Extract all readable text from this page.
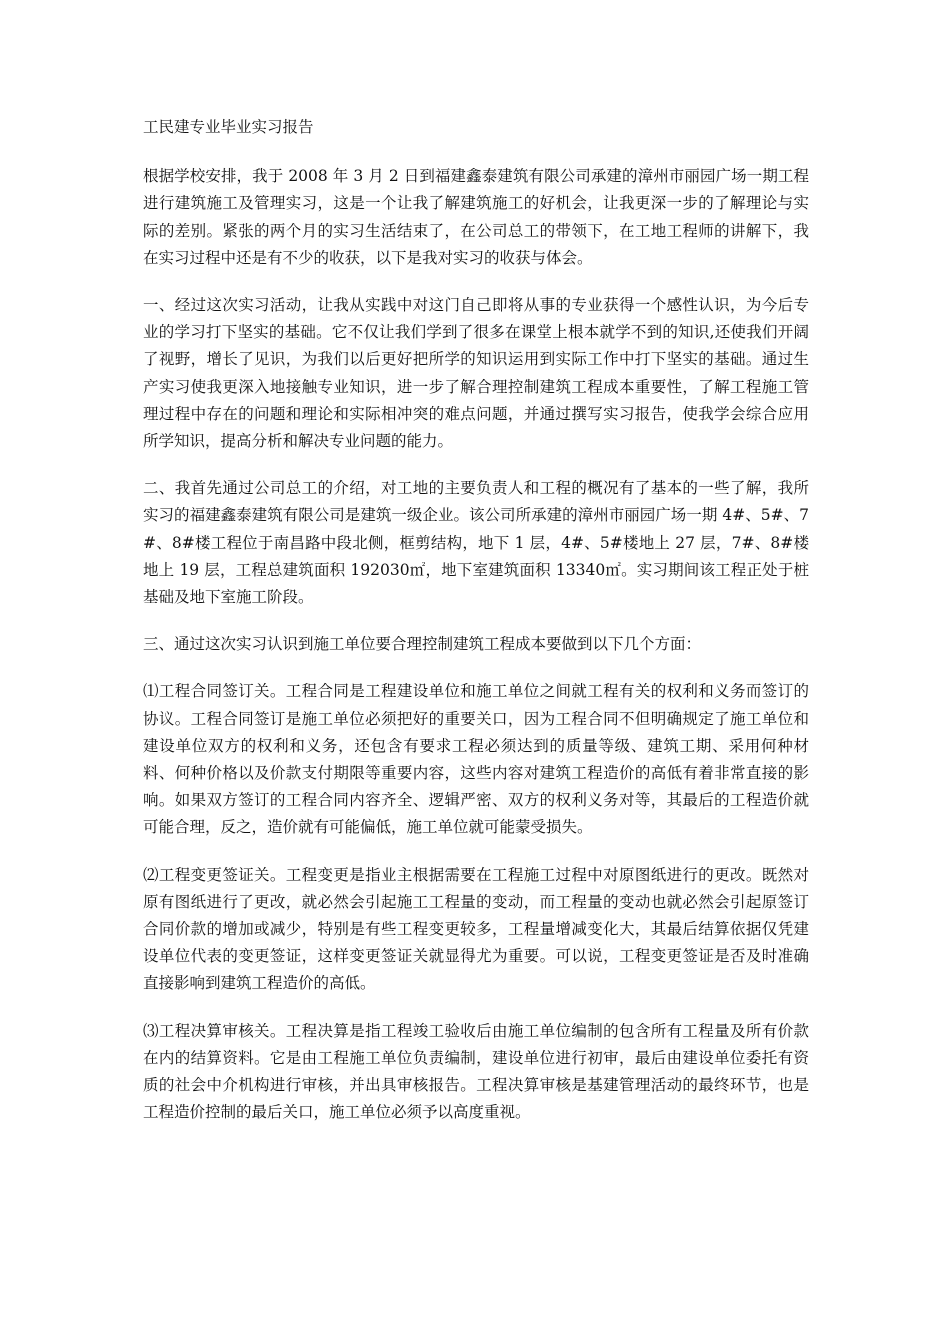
工民建专业毕业实习报告

根据学校安排，我于 2008 年 3 月 2 日到福建鑫泰建筑有限公司承建的漳州市丽园广场一期工程进行建筑施工及管理实习，这是一个让我了解建筑施工的好机会，让我更深一步的了解理论与实际的差别。紧张的两个月的实习生活结束了，在公司总工的带领下，在工地工程师的讲解下，我在实习过程中还是有不少的收获，以下是我对实习的收获与体会。

一、经过这次实习活动，让我从实践中对这门自己即将从事的专业获得一个感性认识，为今后专业的学习打下坚实的基础。它不仅让我们学到了很多在课堂上根本就学不到的知识,还使我们开阔了视野，增长了见识，为我们以后更好把所学的知识运用到实际工作中打下坚实的基础。通过生产实习使我更深入地接触专业知识，进一步了解合理控制建筑工程成本重要性，了解工程施工管理过程中存在的问题和理论和实际相冲突的难点问题，并通过撰写实习报告，使我学会综合应用所学知识，提高分析和解决专业问题的能力。

二、我首先通过公司总工的介绍，对工地的主要负责人和工程的概况有了基本的一些了解，我所实习的福建鑫泰建筑有限公司是建筑一级企业。该公司所承建的漳州市丽园广场一期 4#、5#、7#、8#楼工程位于南昌路中段北侧，框剪结构，地下 1 层，4#、5#楼地上 27 层，7#、8#楼地上 19 层，工程总建筑面积 192030㎡，地下室建筑面积 13340㎡。实习期间该工程正处于桩基础及地下室施工阶段。

三、通过这次实习认识到施工单位要合理控制建筑工程成本要做到以下几个方面：

⑴工程合同签订关。工程合同是工程建设单位和施工单位之间就工程有关的权利和义务而签订的协议。工程合同签订是施工单位必须把好的重要关口，因为工程合同不但明确规定了施工单位和建设单位双方的权利和义务，还包含有要求工程必须达到的质量等级、建筑工期、采用何种材料、何种价格以及价款支付期限等重要内容，这些内容对建筑工程造价的高低有着非常直接的影响。如果双方签订的工程合同内容齐全、逻辑严密、双方的权利义务对等，其最后的工程造价就可能合理，反之，造价就有可能偏低，施工单位就可能蒙受损失。

⑵工程变更签证关。工程变更是指业主根据需要在工程施工过程中对原图纸进行的更改。既然对原有图纸进行了更改，就必然会引起施工工程量的变动，而工程量的变动也就必然会引起原签订合同价款的增加或减少，特别是有些工程变更较多，工程量增减变化大，其最后结算依据仅凭建设单位代表的变更签证，这样变更签证关就显得尤为重要。可以说，工程变更签证是否及时准确直接影响到建筑工程造价的高低。

⑶工程决算审核关。工程决算是指工程竣工验收后由施工单位编制的包含所有工程量及所有价款在内的结算资料。它是由工程施工单位负责编制，建设单位进行初审，最后由建设单位委托有资质的社会中介机构进行审核，并出具审核报告。工程决算审核是基建管理活动的最终环节，也是工程造价控制的最后关口，施工单位必须予以高度重视。
